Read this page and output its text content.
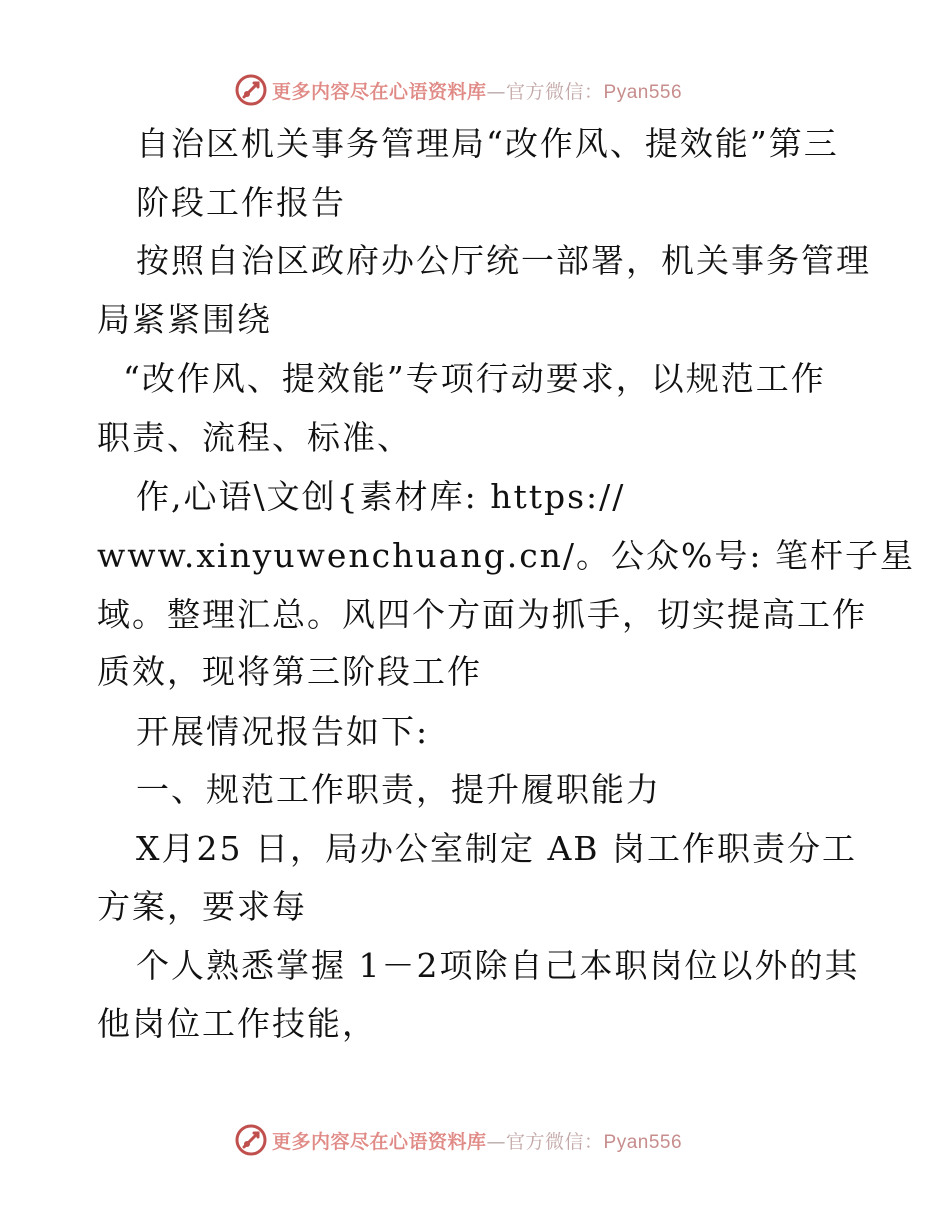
更多内容尽在心语资料库—官方微信：Pyan556
自治区机关事务管理局“改作风、提效能”第三
阶段工作报告
按照自治区政府办公厅统一部署，机关事务管理
局紧紧围绕
“改作风、提效能”专项行动要求，以规范工作
职责、流程、标准、
作,心语\文创{素材库: https://
www.xinyuwenchuang.cn/。公众%号: 笔杆子星
域。整理汇总。风四个方面为抓手，切实提高工作
质效，现将第三阶段工作
开展情况报告如下:
一、规范工作职责，提升履职能力
X月25 日，局办公室制定 AB 岗工作职责分工
方案，要求每
个人熟悉掌握 1－2项除自己本职岗位以外的其
他岗位工作技能，
更多内容尽在心语资料库—官方微信：Pyan556
